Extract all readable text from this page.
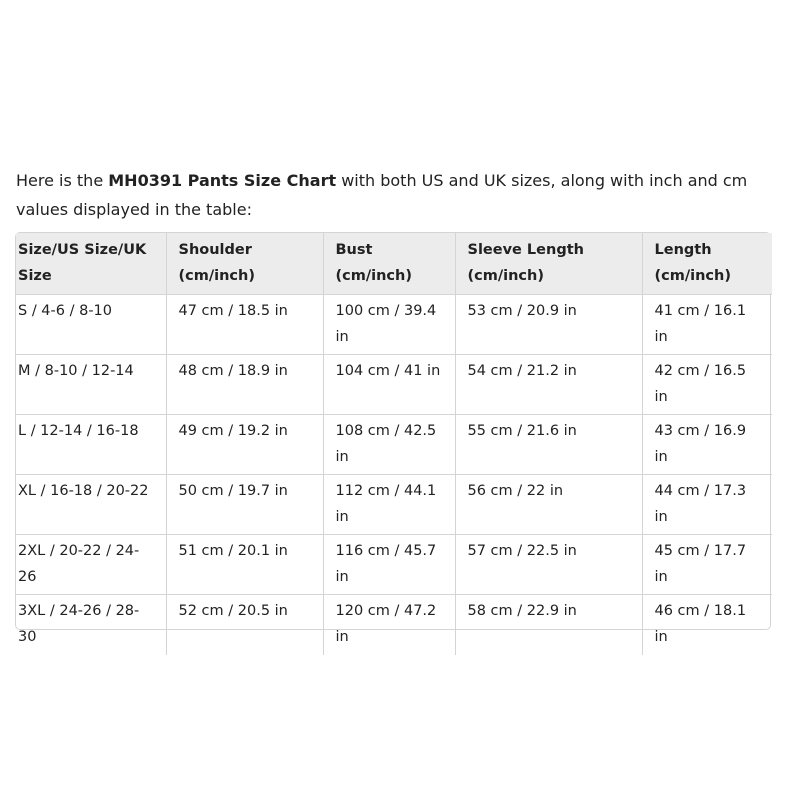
Here is the MH0391 Pants Size Chart with both US and UK sizes, along with inch and cm values displayed in the table:

Size/US Size/UK Size	Shoulder (cm/inch)	Bust (cm/inch)	Sleeve Length (cm/inch)	Length (cm/inch)
S / 4-6 / 8-10	47 cm / 18.5 in	100 cm / 39.4 in	53 cm / 20.9 in	41 cm / 16.1 in
M / 8-10 / 12-14	48 cm / 18.9 in	104 cm / 41 in	54 cm / 21.2 in	42 cm / 16.5 in
L / 12-14 / 16-18	49 cm / 19.2 in	108 cm / 42.5 in	55 cm / 21.6 in	43 cm / 16.9 in
XL / 16-18 / 20-22	50 cm / 19.7 in	112 cm / 44.1 in	56 cm / 22 in	44 cm / 17.3 in
2XL / 20-22 / 24-26	51 cm / 20.1 in	116 cm / 45.7 in	57 cm / 22.5 in	45 cm / 17.7 in
3XL / 24-26 / 28-30	52 cm / 20.5 in	120 cm / 47.2 in	58 cm / 22.9 in	46 cm / 18.1 in
